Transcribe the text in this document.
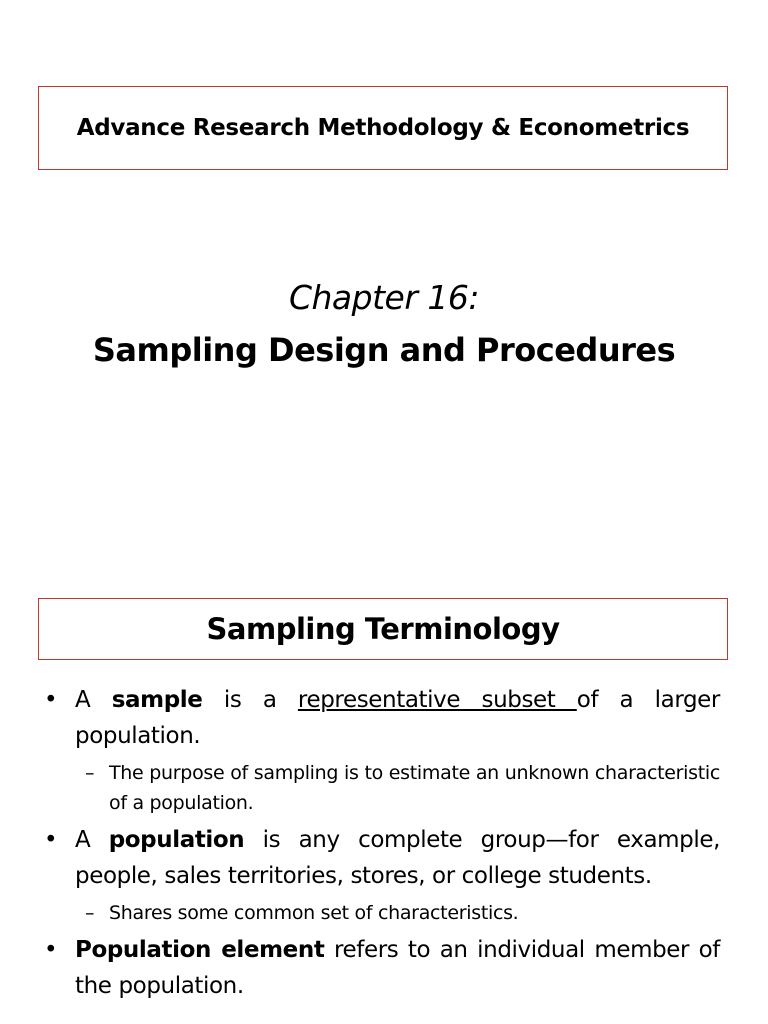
Advance Research Methodology & Econometrics
Chapter 16:
Sampling Design and Procedures
Sampling Terminology
• A sample is a representative subset of a larger population.
– The purpose of sampling is to estimate an unknown characteristic of a population.
• A population is any complete group—for example, people, sales territories, stores, or college students.
– Shares some common set of characteristics.
• Population element refers to an individual member of the population.
